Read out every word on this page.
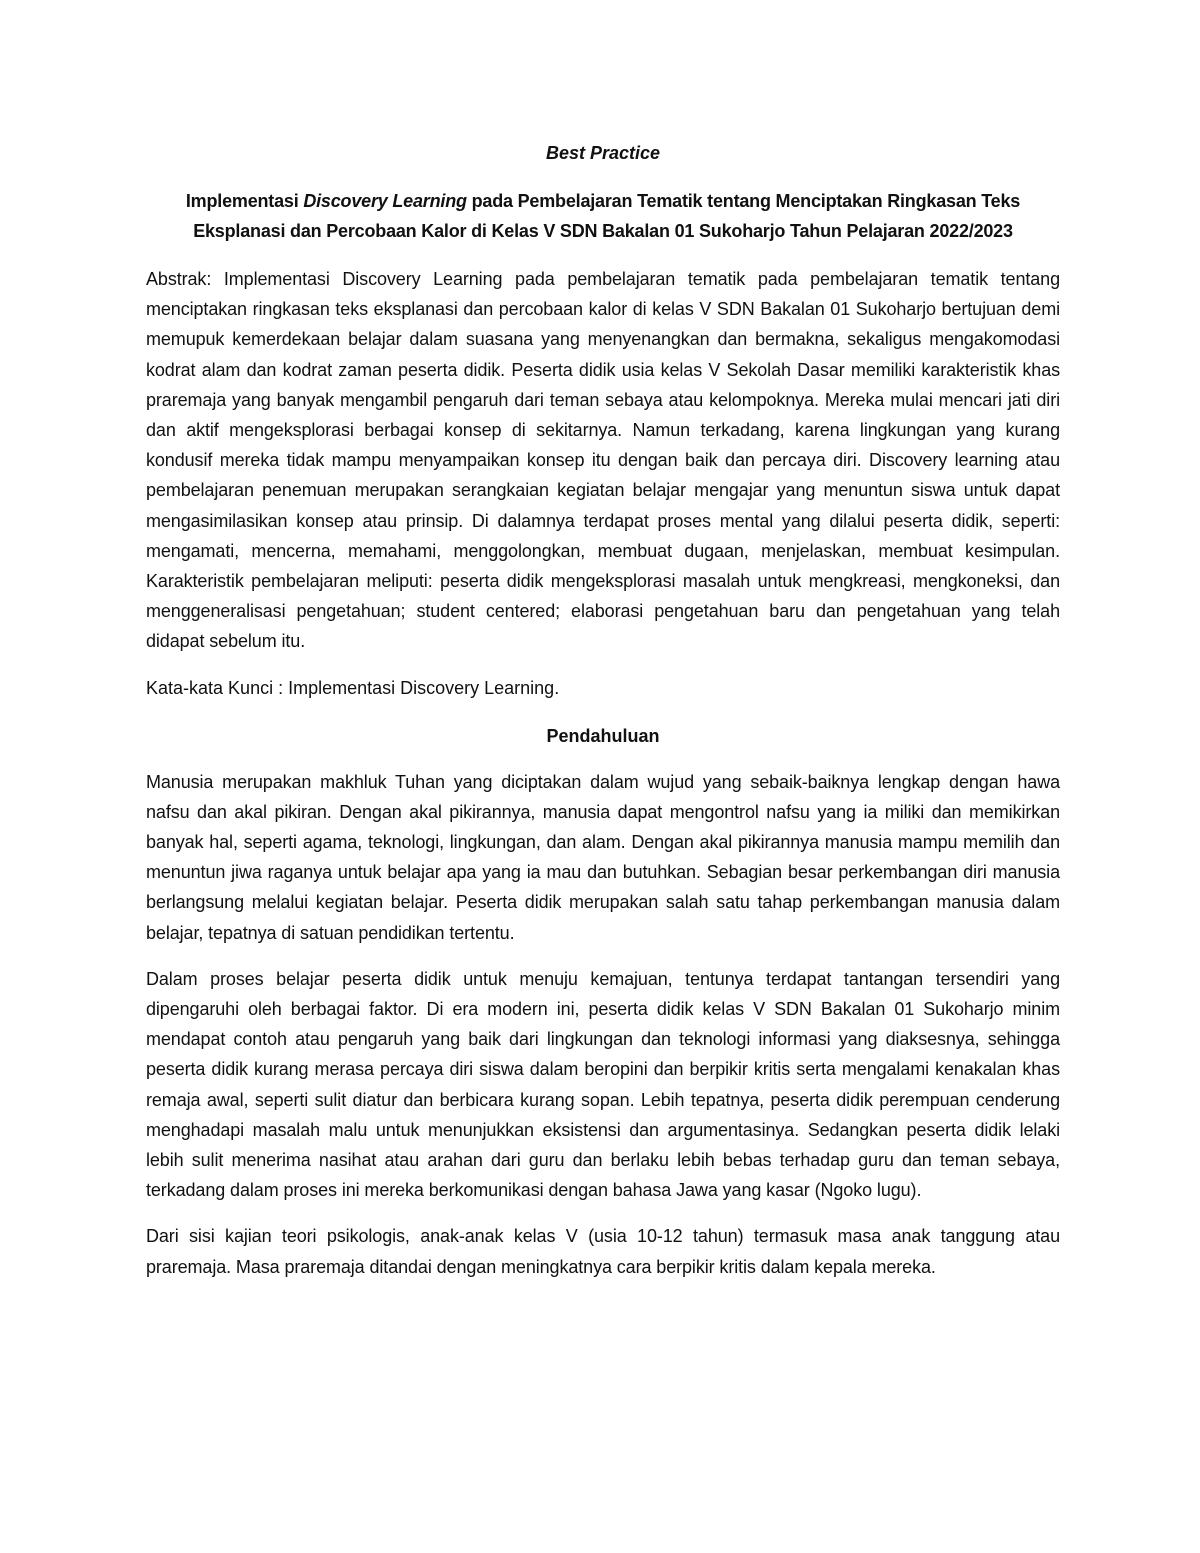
Best Practice

Implementasi Discovery Learning pada Pembelajaran Tematik tentang Menciptakan Ringkasan Teks Eksplanasi dan Percobaan Kalor di Kelas V SDN Bakalan 01 Sukoharjo Tahun Pelajaran 2022/2023

Abstrak: Implementasi Discovery Learning pada pembelajaran tematik pada pembelajaran tematik tentang menciptakan ringkasan teks eksplanasi dan percobaan kalor di kelas V SDN Bakalan 01 Sukoharjo bertujuan demi memupuk kemerdekaan belajar dalam suasana yang menyenangkan dan bermakna, sekaligus mengakomodasi kodrat alam dan kodrat zaman peserta didik. Peserta didik usia kelas V Sekolah Dasar memiliki karakteristik khas praremaja yang banyak mengambil pengaruh dari teman sebaya atau kelompoknya. Mereka mulai mencari jati diri dan aktif mengeksplorasi berbagai konsep di sekitarnya. Namun terkadang, karena lingkungan yang kurang kondusif mereka tidak mampu menyampaikan konsep itu dengan baik dan percaya diri. Discovery learning atau pembelajaran penemuan merupakan serangkaian kegiatan belajar mengajar yang menuntun siswa untuk dapat mengasimilasikan konsep atau prinsip. Di dalamnya terdapat proses mental yang dilalui peserta didik, seperti: mengamati, mencerna, memahami, menggolongkan, membuat dugaan, menjelaskan, membuat kesimpulan. Karakteristik pembelajaran meliputi: peserta didik mengeksplorasi masalah untuk mengkreasi, mengkoneksi, dan menggeneralisasi pengetahuan; student centered; elaborasi pengetahuan baru dan pengetahuan yang telah didapat sebelum itu.

Kata-kata Kunci : Implementasi Discovery Learning.

Pendahuluan

Manusia merupakan makhluk Tuhan yang diciptakan dalam wujud yang sebaik-baiknya lengkap dengan hawa nafsu dan akal pikiran. Dengan akal pikirannya, manusia dapat mengontrol nafsu yang ia miliki dan memikirkan banyak hal, seperti agama, teknologi, lingkungan, dan alam. Dengan akal pikirannya manusia mampu memilih dan menuntun jiwa raganya untuk belajar apa yang ia mau dan butuhkan. Sebagian besar perkembangan diri manusia berlangsung melalui kegiatan belajar. Peserta didik merupakan salah satu tahap perkembangan manusia dalam belajar, tepatnya di satuan pendidikan tertentu.

Dalam proses belajar peserta didik untuk menuju kemajuan, tentunya terdapat tantangan tersendiri yang dipengaruhi oleh berbagai faktor. Di era modern ini, peserta didik kelas V SDN Bakalan 01 Sukoharjo minim mendapat contoh atau pengaruh yang baik dari lingkungan dan teknologi informasi yang diaksesnya, sehingga peserta didik kurang merasa percaya diri siswa dalam beropini dan berpikir kritis serta mengalami kenakalan khas remaja awal, seperti sulit diatur dan berbicara kurang sopan. Lebih tepatnya, peserta didik perempuan cenderung menghadapi masalah malu untuk menunjukkan eksistensi dan argumentasinya. Sedangkan peserta didik lelaki lebih sulit menerima nasihat atau arahan dari guru dan berlaku lebih bebas terhadap guru dan teman sebaya, terkadang dalam proses ini mereka berkomunikasi dengan bahasa Jawa yang kasar (Ngoko lugu).

Dari sisi kajian teori psikologis, anak-anak kelas V (usia 10-12 tahun) termasuk masa anak tanggung atau praremaja. Masa praremaja ditandai dengan meningkatnya cara berpikir kritis dalam kepala mereka.
